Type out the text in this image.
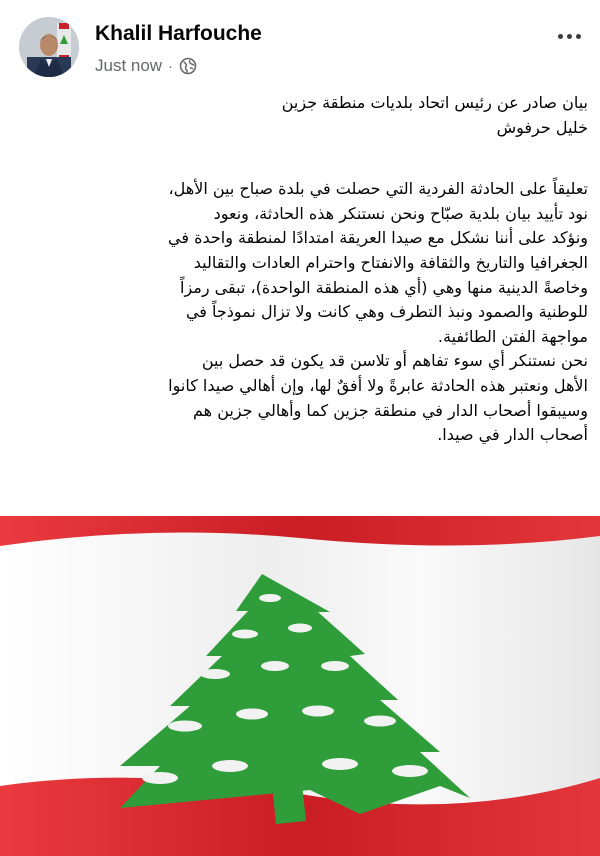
Khalil Harfouche
Just now ·

بيان صادر عن رئيس اتحاد بلديات منطقة جزين
خليل حرفوش

تعليقاً على الحادثة الفردية التي حصلت في بلدة صباح بين الأهل،
نود تأييد بيان بلدية صبّاح ونحن نستنكر هذه الحادثة، ونعود
ونؤكد على أننا نشكل مع صيدا العريقة امتدادًا لمنطقة واحدة في
الجغرافيا والتاريخ والثقافة والانفتاح واحترام العادات والتقاليد
وخاصةً الدينية منها وهي (أي هذه المنطقة الواحدة)، تبقى رمزاً
للوطنية والصمود ونبذ التطرف وهي كانت ولا تزال نموذجاً في
مواجهة الفتن الطائفية.
نحن نستنكر أي سوء تفاهم أو تلاسن قد يكون قد حصل بين
الأهل ونعتبر هذه الحادثة عابرةً ولا أفقٌ لها، وإن أهالي صيدا كانوا
وسيبقوا أصحاب الدار في منطقة جزين كما وأهالي جزين هم
أصحاب الدار في صيدا.
